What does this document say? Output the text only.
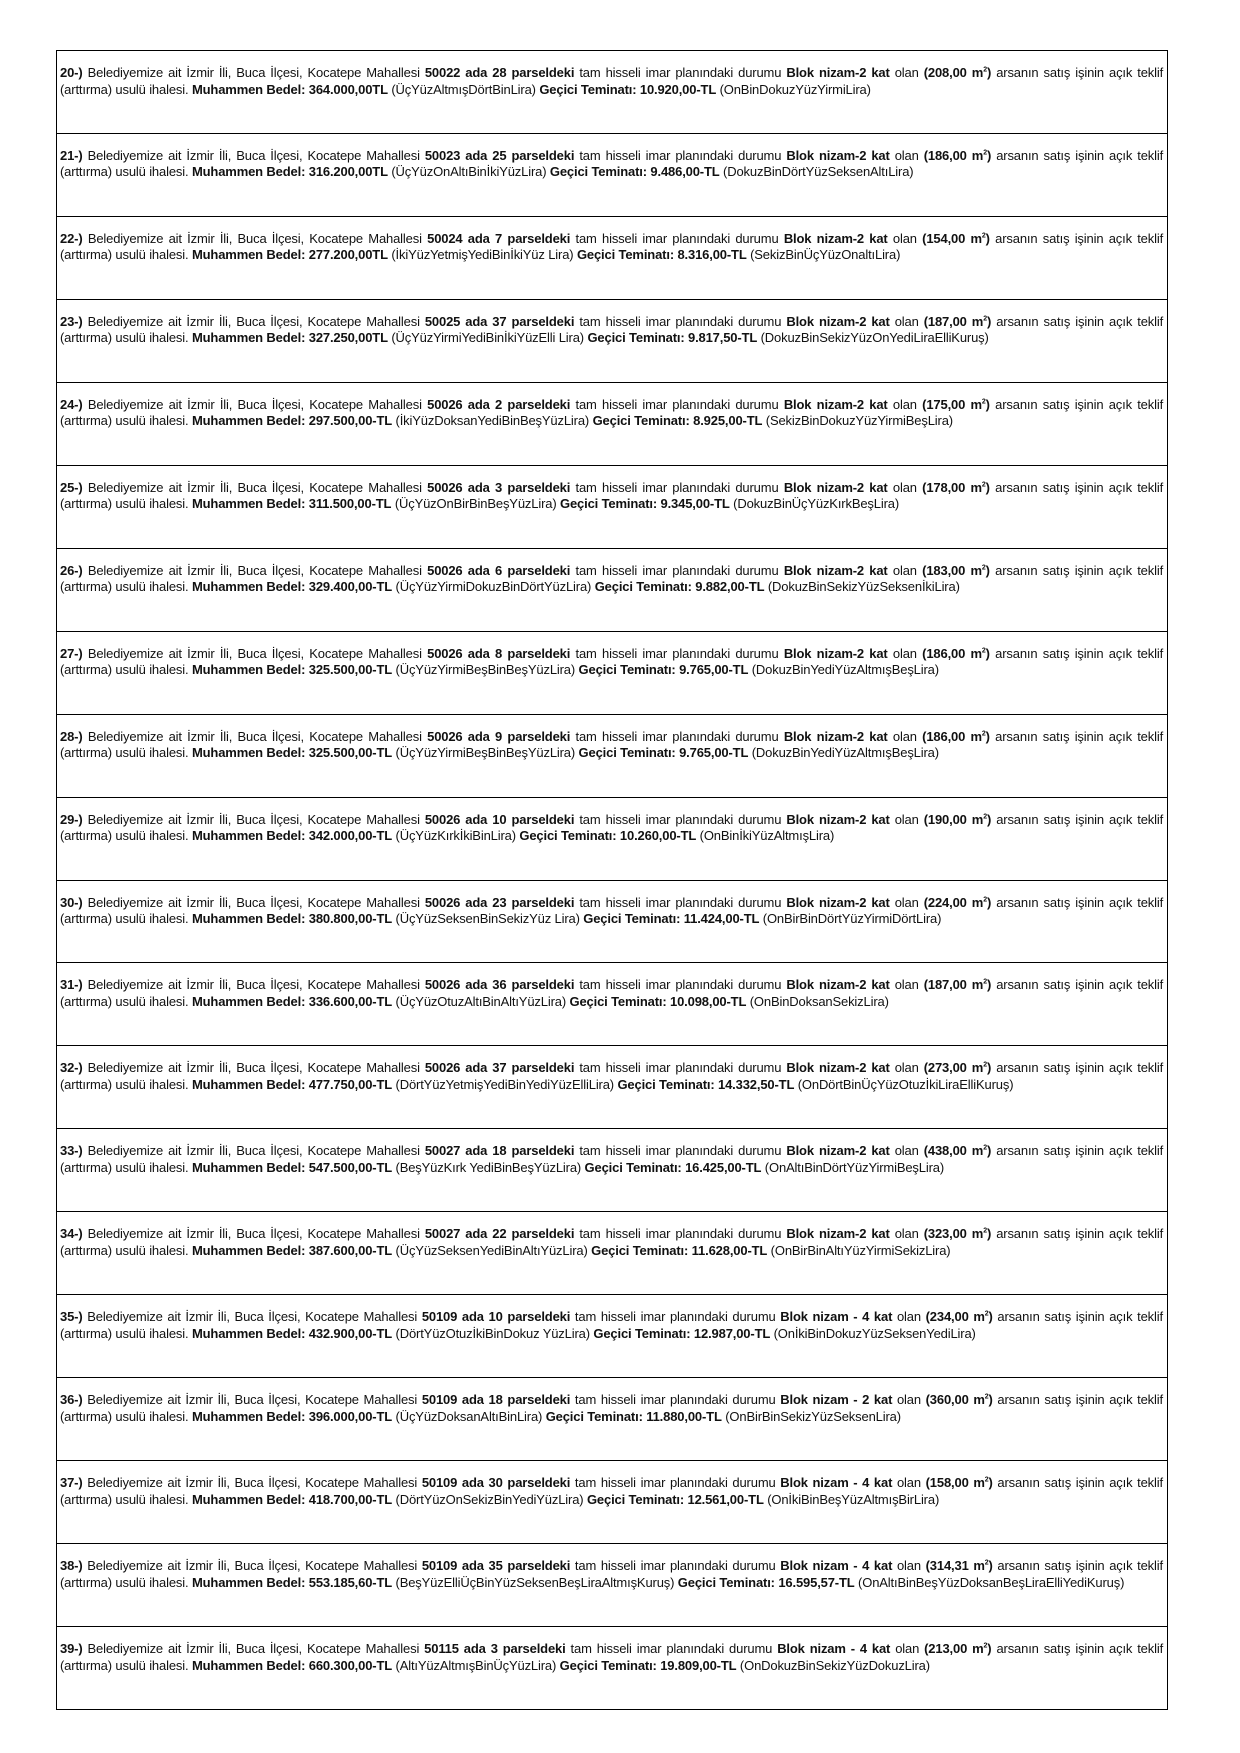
20-) Belediyemize ait İzmir İli, Buca İlçesi, Kocatepe Mahallesi 50022 ada 28 parseldeki tam hisseli imar planındaki durumu Blok nizam-2 kat olan (208,00 $m^2$) arsanın satış işinin açık teklif (arttırma) usulü ihalesi. Muhammen Bedel: 364.000,00TL (ÜçYüzAltmışDörtBinLira) Geçici Teminatı: 10.920,00-TL (OnBinDokuzYüzYirmiLira)
21-) Belediyemize ait İzmir İli, Buca İlçesi, Kocatepe Mahallesi 50023 ada 25 parseldeki tam hisseli imar planındaki durumu Blok nizam-2 kat olan (186,00 $m^2$) arsanın satış işinin açık teklif (arttırma) usulü ihalesi. Muhammen Bedel: 316.200,00TL (ÜçYüzOnAltıBinİkiYüzLira) Geçici Teminatı: 9.486,00-TL (DokuzBinDörtYüzSeksenAltıLira)
22-) Belediyemize ait İzmir İli, Buca İlçesi, Kocatepe Mahallesi 50024 ada 7 parseldeki tam hisseli imar planındaki durumu Blok nizam-2 kat olan (154,00 $m^2$) arsanın satış işinin açık teklif (arttırma) usulü ihalesi. Muhammen Bedel: 277.200,00TL (İkiYüzYetmişYediBinİkiYüz Lira) Geçici Teminatı: 8.316,00-TL (SekizBinÜçYüzOnaltıLira)
23-) Belediyemize ait İzmir İli, Buca İlçesi, Kocatepe Mahallesi 50025 ada 37 parseldeki tam hisseli imar planındaki durumu Blok nizam-2 kat olan (187,00 $m^2$) arsanın satış işinin açık teklif (arttırma) usulü ihalesi. Muhammen Bedel: 327.250,00TL (ÜçYüzYirmiYediBinİkiYüzElli Lira) Geçici Teminatı: 9.817,50-TL (DokuzBinSekizYüzOnYediLiraElliKuruş)
24-) Belediyemize ait İzmir İli, Buca İlçesi, Kocatepe Mahallesi 50026 ada 2 parseldeki tam hisseli imar planındaki durumu Blok nizam-2 kat olan (175,00 $m^2$) arsanın satış işinin açık teklif (arttırma) usulü ihalesi. Muhammen Bedel: 297.500,00-TL (İkiYüzDoksanYediBinBeşYüzLira) Geçici Teminatı: 8.925,00-TL (SekizBinDokuzYüzYirmiBeşLira)
25-) Belediyemize ait İzmir İli, Buca İlçesi, Kocatepe Mahallesi 50026 ada 3 parseldeki tam hisseli imar planındaki durumu Blok nizam-2 kat olan (178,00 $m^2$) arsanın satış işinin açık teklif (arttırma) usulü ihalesi. Muhammen Bedel: 311.500,00-TL (ÜçYüzOnBirBinBeşYüzLira) Geçici Teminatı: 9.345,00-TL (DokuzBinÜçYüzKırkBeşLira)
26-) Belediyemize ait İzmir İli, Buca İlçesi, Kocatepe Mahallesi 50026 ada 6 parseldeki tam hisseli imar planındaki durumu Blok nizam-2 kat olan (183,00 $m^2$) arsanın satış işinin açık teklif (arttırma) usulü ihalesi. Muhammen Bedel: 329.400,00-TL (ÜçYüzYirmiDokuzBinDörtYüzLira) Geçici Teminatı: 9.882,00-TL (DokuzBinSekizYüzSeksenİkiLira)
27-) Belediyemize ait İzmir İli, Buca İlçesi, Kocatepe Mahallesi 50026 ada 8 parseldeki tam hisseli imar planındaki durumu Blok nizam-2 kat olan (186,00 $m^2$) arsanın satış işinin açık teklif (arttırma) usulü ihalesi. Muhammen Bedel: 325.500,00-TL (ÜçYüzYirmiBeşBinBeşYüzLira) Geçici Teminatı: 9.765,00-TL (DokuzBinYediYüzAltmışBeşLira)
28-) Belediyemize ait İzmir İli, Buca İlçesi, Kocatepe Mahallesi 50026 ada 9 parseldeki tam hisseli imar planındaki durumu Blok nizam-2 kat olan (186,00 $m^2$) arsanın satış işinin açık teklif (arttırma) usulü ihalesi. Muhammen Bedel: 325.500,00-TL (ÜçYüzYirmiBeşBinBeşYüzLira) Geçici Teminatı: 9.765,00-TL (DokuzBinYediYüzAltmışBeşLira)
29-) Belediyemize ait İzmir İli, Buca İlçesi, Kocatepe Mahallesi 50026 ada 10 parseldeki tam hisseli imar planındaki durumu Blok nizam-2 kat olan (190,00 $m^2$) arsanın satış işinin açık teklif (arttırma) usulü ihalesi. Muhammen Bedel: 342.000,00-TL (ÜçYüzKırkİkiBinLira) Geçici Teminatı: 10.260,00-TL (OnBinİkiYüzAltmışLira)
30-) Belediyemize ait İzmir İli, Buca İlçesi, Kocatepe Mahallesi 50026 ada 23 parseldeki tam hisseli imar planındaki durumu Blok nizam-2 kat olan (224,00 $m^2$) arsanın satış işinin açık teklif (arttırma) usulü ihalesi. Muhammen Bedel: 380.800,00-TL (ÜçYüzSeksenBinSekizYüz Lira) Geçici Teminatı: 11.424,00-TL (OnBirBinDörtYüzYirmiDörtLira)
31-) Belediyemize ait İzmir İli, Buca İlçesi, Kocatepe Mahallesi 50026 ada 36 parseldeki tam hisseli imar planındaki durumu Blok nizam-2 kat olan (187,00 $m^2$) arsanın satış işinin açık teklif (arttırma) usulü ihalesi. Muhammen Bedel: 336.600,00-TL (ÜçYüzOtuzAltıBinAltıYüzLira) Geçici Teminatı: 10.098,00-TL (OnBinDoksanSekizLira)
32-) Belediyemize ait İzmir İli, Buca İlçesi, Kocatepe Mahallesi 50026 ada 37 parseldeki tam hisseli imar planındaki durumu Blok nizam-2 kat olan (273,00 $m^2$) arsanın satış işinin açık teklif (arttırma) usulü ihalesi. Muhammen Bedel: 477.750,00-TL (DörtYüzYetmişYediBinYediYüzElliLira) Geçici Teminatı: 14.332,50-TL (OnDörtBinÜçYüzOtuzİkiLiraElliKuruş)
33-) Belediyemize ait İzmir İli, Buca İlçesi, Kocatepe Mahallesi 50027 ada 18 parseldeki tam hisseli imar planındaki durumu Blok nizam-2 kat olan (438,00 $m^2$) arsanın satış işinin açık teklif (arttırma) usulü ihalesi. Muhammen Bedel: 547.500,00-TL (BeşYüzKırk YediBinBeşYüzLira) Geçici Teminatı: 16.425,00-TL (OnAltıBinDörtYüzYirmiBeşLira)
34-) Belediyemize ait İzmir İli, Buca İlçesi, Kocatepe Mahallesi 50027 ada 22 parseldeki tam hisseli imar planındaki durumu Blok nizam-2 kat olan (323,00 $m^2$) arsanın satış işinin açık teklif (arttırma) usulü ihalesi. Muhammen Bedel: 387.600,00-TL (ÜçYüzSeksenYediBinAltıYüzLira) Geçici Teminatı: 11.628,00-TL (OnBirBinAltıYüzYirmiSekizLira)
35-) Belediyemize ait İzmir İli, Buca İlçesi, Kocatepe Mahallesi 50109 ada 10 parseldeki tam hisseli imar planındaki durumu Blok nizam - 4 kat olan (234,00 $m^2$) arsanın satış işinin açık teklif (arttırma) usulü ihalesi. Muhammen Bedel: 432.900,00-TL (DörtYüzOtuzİkiBinDokuz YüzLira) Geçici Teminatı: 12.987,00-TL (OnİkiBinDokuzYüzSeksenYediLira)
36-) Belediyemize ait İzmir İli, Buca İlçesi, Kocatepe Mahallesi 50109 ada 18 parseldeki tam hisseli imar planındaki durumu Blok nizam - 2 kat olan (360,00 $m^2$) arsanın satış işinin açık teklif (arttırma) usulü ihalesi. Muhammen Bedel: 396.000,00-TL (ÜçYüzDoksanAltıBinLira) Geçici Teminatı: 11.880,00-TL (OnBirBinSekizYüzSeksenLira)
37-) Belediyemize ait İzmir İli, Buca İlçesi, Kocatepe Mahallesi 50109 ada 30 parseldeki tam hisseli imar planındaki durumu Blok nizam - 4 kat olan (158,00 $m^2$) arsanın satış işinin açık teklif (arttırma) usulü ihalesi. Muhammen Bedel: 418.700,00-TL (DörtYüzOnSekizBinYediYüzLira) Geçici Teminatı: 12.561,00-TL (OnİkiBinBeşYüzAltmışBirLira)
38-) Belediyemize ait İzmir İli, Buca İlçesi, Kocatepe Mahallesi 50109 ada 35 parseldeki tam hisseli imar planındaki durumu Blok nizam - 4 kat olan (314,31 $m^2$) arsanın satış işinin açık teklif (arttırma) usulü ihalesi. Muhammen Bedel: 553.185,60-TL (BeşYüzElliÜçBinYüzSeksenBeşLiraAltmışKuruş) Geçici Teminatı: 16.595,57-TL (OnAltıBinBeşYüzDoksanBeşLiraElliYediKuruş)
39-) Belediyemize ait İzmir İli, Buca İlçesi, Kocatepe Mahallesi 50115 ada 3 parseldeki tam hisseli imar planındaki durumu Blok nizam - 4 kat olan (213,00 $m^2$) arsanın satış işinin açık teklif (arttırma) usulü ihalesi. Muhammen Bedel: 660.300,00-TL (AltıYüzAltmışBinÜçYüzLira) Geçici Teminatı: 19.809,00-TL (OnDokuzBinSekizYüzDokuzLira)
